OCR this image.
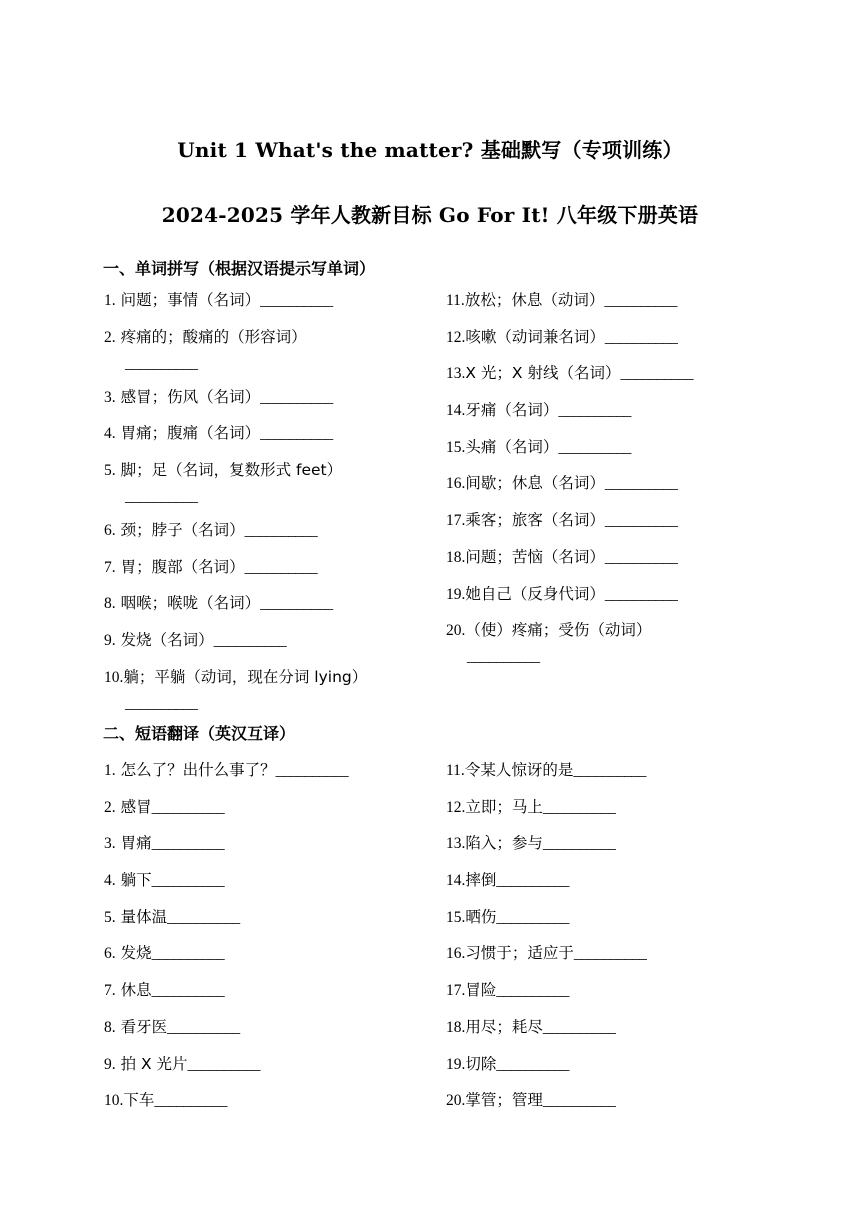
Unit 1 What's the matter? 基础默写（专项训练）
2024-2025 学年人教新目标 Go For It! 八年级下册英语
一、单词拼写（根据汉语提示写单词）
1. 问题；事情（名词）__________
2. 疼痛的；酸痛的（形容词）
__________
3. 感冒；伤风（名词）__________
4. 胃痛；腹痛（名词）__________
5. 脚；足（名词，复数形式 feet）
__________
6. 颈；脖子（名词）__________
7. 胃；腹部（名词）__________
8. 咽喉；喉咙（名词）__________
9. 发烧（名词）__________
10.躺；平躺（动词，现在分词 lying）
__________
11.放松；休息（动词）__________
12.咳嗽（动词兼名词）__________
13.X 光；X 射线（名词）__________
14.牙痛（名词）__________
15.头痛（名词）__________
16.间歇；休息（名词）__________
17.乘客；旅客（名词）__________
18.问题；苦恼（名词）__________
19.她自己（反身代词）__________
20.（使）疼痛；受伤（动词）
__________
二、短语翻译（英汉互译）
1. 怎么了？出什么事了？__________
2. 感冒__________
3. 胃痛__________
4. 躺下__________
5. 量体温__________
6. 发烧__________
7. 休息__________
8. 看牙医__________
9. 拍 X 光片__________
10.下车__________
11.令某人惊讶的是__________
12.立即；马上__________
13.陷入；参与__________
14.摔倒__________
15.晒伤__________
16.习惯于；适应于__________
17.冒险__________
18.用尽；耗尽__________
19.切除__________
20.掌管；管理__________
